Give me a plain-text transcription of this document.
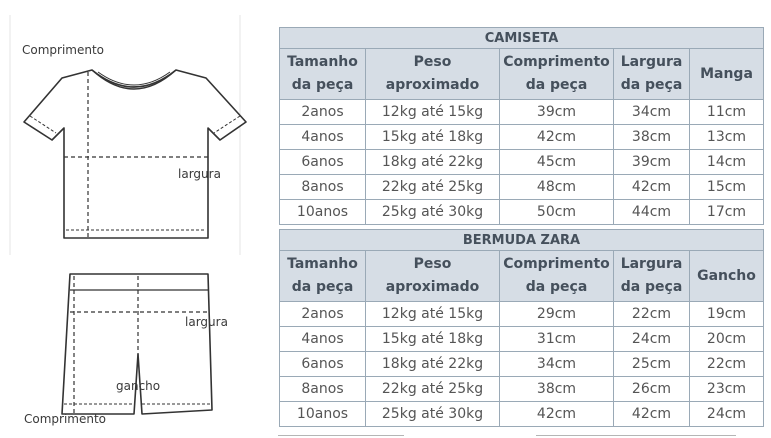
Comprimento
largura
largura
gancho
Comprimento
CAMISETA				
Tamanho da peça	Peso aproximado	Comprimento da peça	Largura da peça	Manga
2anos	12kg até 15kg	39cm	34cm	11cm
4anos	15kg até 18kg	42cm	38cm	13cm
6anos	18kg até 22kg	45cm	39cm	14cm
8anos	22kg até 25kg	48cm	42cm	15cm
10anos	25kg até 30kg	50cm	44cm	17cm
BERMUDA ZARA				
Tamanho da peça	Peso aproximado	Comprimento da peça	Largura da peça	Gancho
2anos	12kg até 15kg	29cm	22cm	19cm
4anos	15kg até 18kg	31cm	24cm	20cm
6anos	18kg até 22kg	34cm	25cm	22cm
8anos	22kg até 25kg	38cm	26cm	23cm
10anos	25kg até 30kg	42cm	42cm	24cm
